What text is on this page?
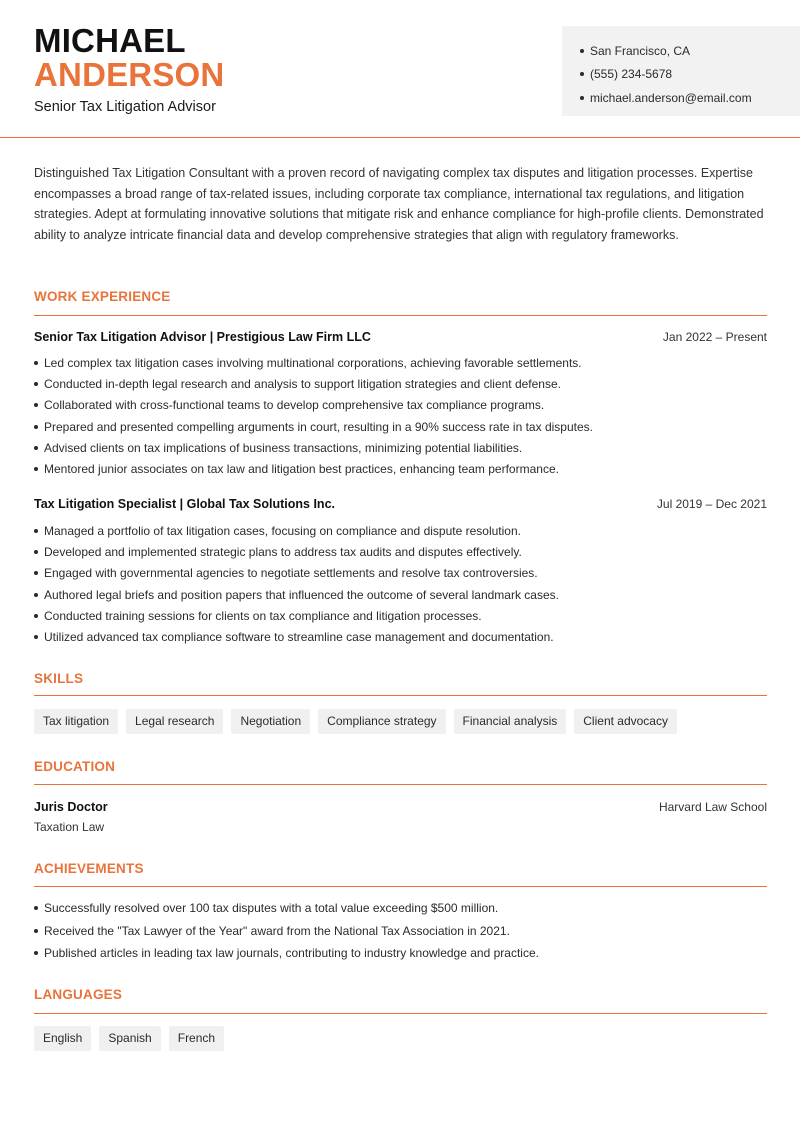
MICHAEL
ANDERSON
Senior Tax Litigation Advisor
San Francisco, CA
(555) 234-5678
michael.anderson@email.com
Distinguished Tax Litigation Consultant with a proven record of navigating complex tax disputes and litigation processes. Expertise encompasses a broad range of tax-related issues, including corporate tax compliance, international tax regulations, and litigation strategies. Adept at formulating innovative solutions that mitigate risk and enhance compliance for high-profile clients. Demonstrated ability to analyze intricate financial data and develop comprehensive strategies that align with regulatory frameworks.
WORK EXPERIENCE
Senior Tax Litigation Advisor | Prestigious Law Firm LLC	Jan 2022 – Present
Led complex tax litigation cases involving multinational corporations, achieving favorable settlements.
Conducted in-depth legal research and analysis to support litigation strategies and client defense.
Collaborated with cross-functional teams to develop comprehensive tax compliance programs.
Prepared and presented compelling arguments in court, resulting in a 90% success rate in tax disputes.
Advised clients on tax implications of business transactions, minimizing potential liabilities.
Mentored junior associates on tax law and litigation best practices, enhancing team performance.
Tax Litigation Specialist | Global Tax Solutions Inc.	Jul 2019 – Dec 2021
Managed a portfolio of tax litigation cases, focusing on compliance and dispute resolution.
Developed and implemented strategic plans to address tax audits and disputes effectively.
Engaged with governmental agencies to negotiate settlements and resolve tax controversies.
Authored legal briefs and position papers that influenced the outcome of several landmark cases.
Conducted training sessions for clients on tax compliance and litigation processes.
Utilized advanced tax compliance software to streamline case management and documentation.
SKILLS
Tax litigation	Legal research	Negotiation	Compliance strategy	Financial analysis	Client advocacy
EDUCATION
Juris Doctor	Harvard Law School
Taxation Law
ACHIEVEMENTS
Successfully resolved over 100 tax disputes with a total value exceeding $500 million.
Received the "Tax Lawyer of the Year" award from the National Tax Association in 2021.
Published articles in leading tax law journals, contributing to industry knowledge and practice.
LANGUAGES
English	Spanish	French
